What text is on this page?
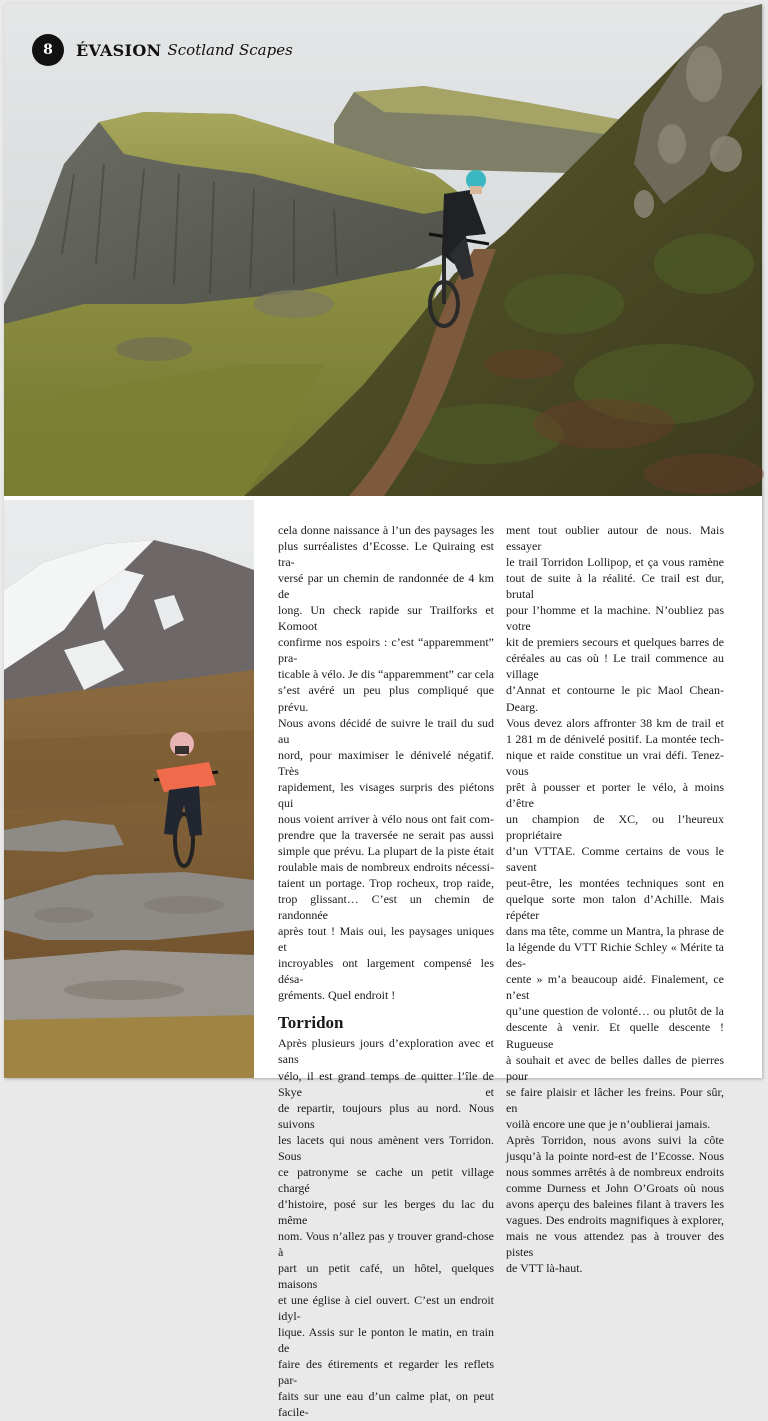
8	ÉVASION Scotland Scapes

cela donne naissance à l’un des paysages les

plus surréalistes d’Ecosse. Le Quiraing est tra-

versé par un chemin de randonnée de 4 km de

long. Un check rapide sur Trailforks et Komoot

confirme nos espoirs : c’est “apparemment” pra-

ticable à vélo. Je dis “apparemment” car cela

s’est avéré un peu plus compliqué que prévu.

Nous avons décidé de suivre le trail du sud au

nord, pour maximiser le dénivelé négatif. Très

rapidement, les visages surpris des piétons qui

nous voient arriver à vélo nous ont fait com-

prendre que la traversée ne serait pas aussi

simple que prévu. La plupart de la piste était

roulable mais de nombreux endroits nécessi-

taient un portage. Trop rocheux, trop raide,

trop glissant… C’est un chemin de randonnée

après tout ! Mais oui, les paysages uniques et

incroyables ont largement compensé les désa-

gréments. Quel endroit !

Torridon

Après plusieurs jours d’exploration avec et sans

vélo, il est grand temps de quitter l’île de Skye et

de repartir, toujours plus au nord. Nous suivons

les lacets qui nous amènent vers Torridon. Sous

ce patronyme se cache un petit village chargé

d’histoire, posé sur les berges du lac du même

nom. Vous n’allez pas y trouver grand-chose à

part un petit café, un hôtel, quelques maisons

et une église à ciel ouvert. C’est un endroit idyl-

lique. Assis sur le ponton le matin, en train de

faire des étirements et regarder les reflets par-

faits sur une eau d’un calme plat, on peut facile-

ment tout oublier autour de nous. Mais essayer

le trail Torridon Lollipop, et ça vous ramène

tout de suite à la réalité. Ce trail est dur, brutal

pour l’homme et la machine. N’oubliez pas votre

kit de premiers secours et quelques barres de

céréales au cas où ! Le trail commence au village

d’Annat et contourne le pic Maol Chean-Dearg.

Vous devez alors affronter 38 km de trail et

1 281 m de dénivelé positif. La montée tech-

nique et raide constitue un vrai défi. Tenez-vous

prêt à pousser et porter le vélo, à moins d’être

un champion de XC, ou l’heureux propriétaire

d’un VTTAE. Comme certains de vous le savent

peut-être, les montées techniques sont en

quelque sorte mon talon d’Achille. Mais répéter

dans ma tête, comme un Mantra, la phrase de

la légende du VTT Richie Schley « Mérite ta des-

cente » m’a beaucoup aidé. Finalement, ce n’est

qu’une question de volonté… ou plutôt de la

descente à venir. Et quelle descente ! Rugueuse

à souhait et avec de belles dalles de pierres pour

se faire plaisir et lâcher les freins. Pour sûr, en

voilà encore une que je n’oublierai jamais.

Après Torridon, nous avons suivi la côte

jusqu’à la pointe nord-est de l’Ecosse. Nous

nous sommes arrêtés à de nombreux endroits

comme Durness et John O’Groats où nous

avons aperçu des baleines filant à travers les

vagues. Des endroits magnifiques à explorer,

mais ne vous attendez pas à trouver des pistes

de VTT là-haut.
